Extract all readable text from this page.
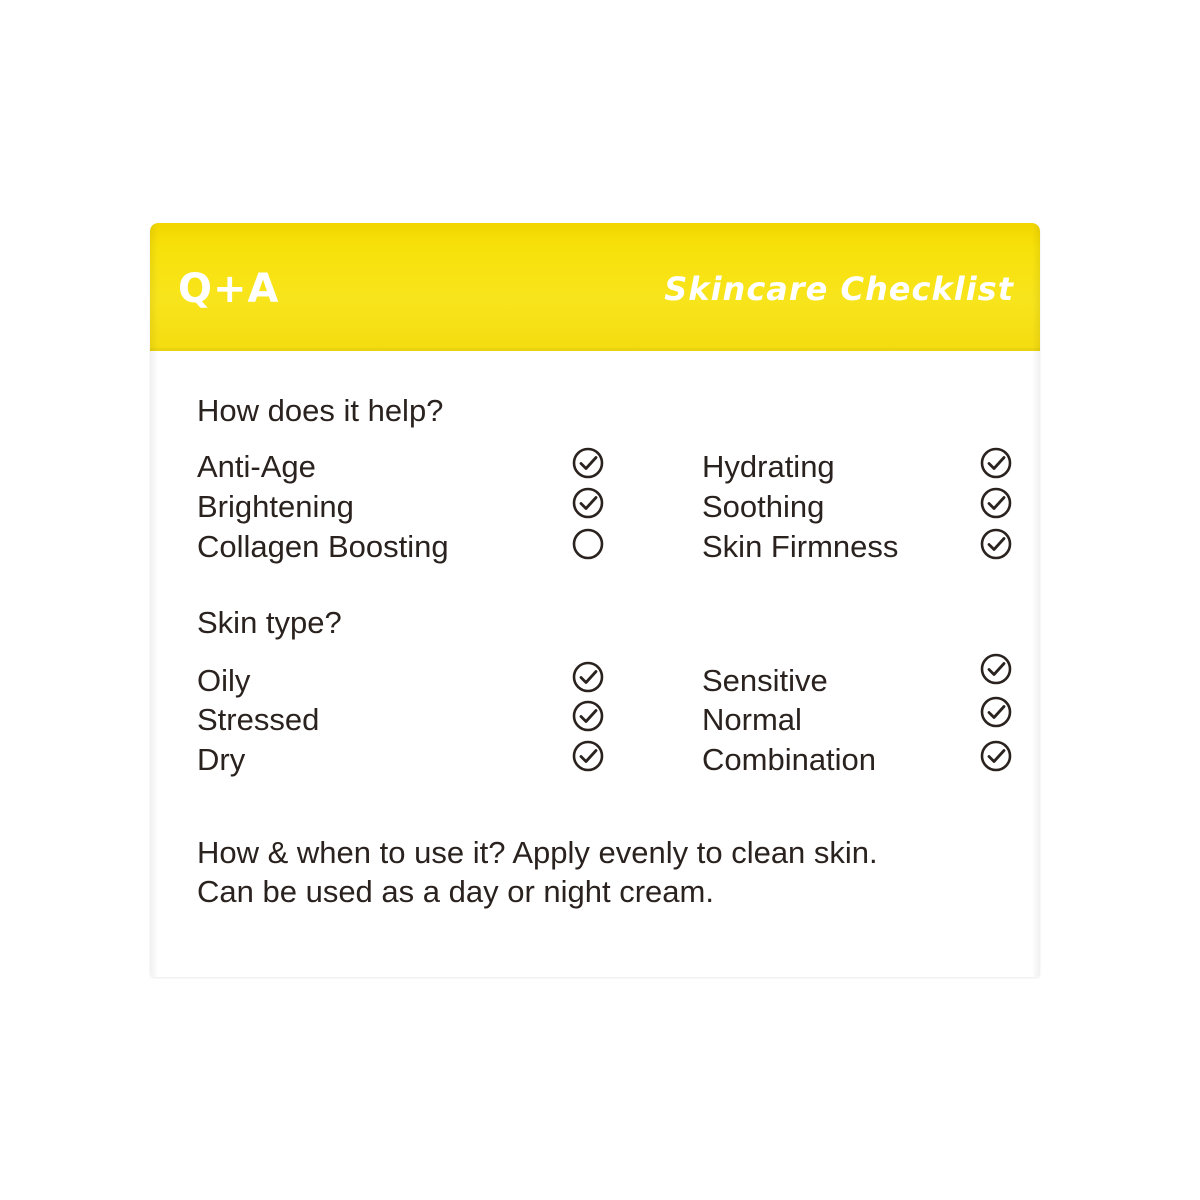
Q+A	Skincare Checklist
How does it help?
Anti-Age
Brightening
Collagen Boosting
Hydrating
Soothing
Skin Firmness
Skin type?
Oily
Stressed
Dry
Sensitive
Normal
Combination
How & when to use it? Apply evenly to clean skin.
Can be used as a day or night cream.
